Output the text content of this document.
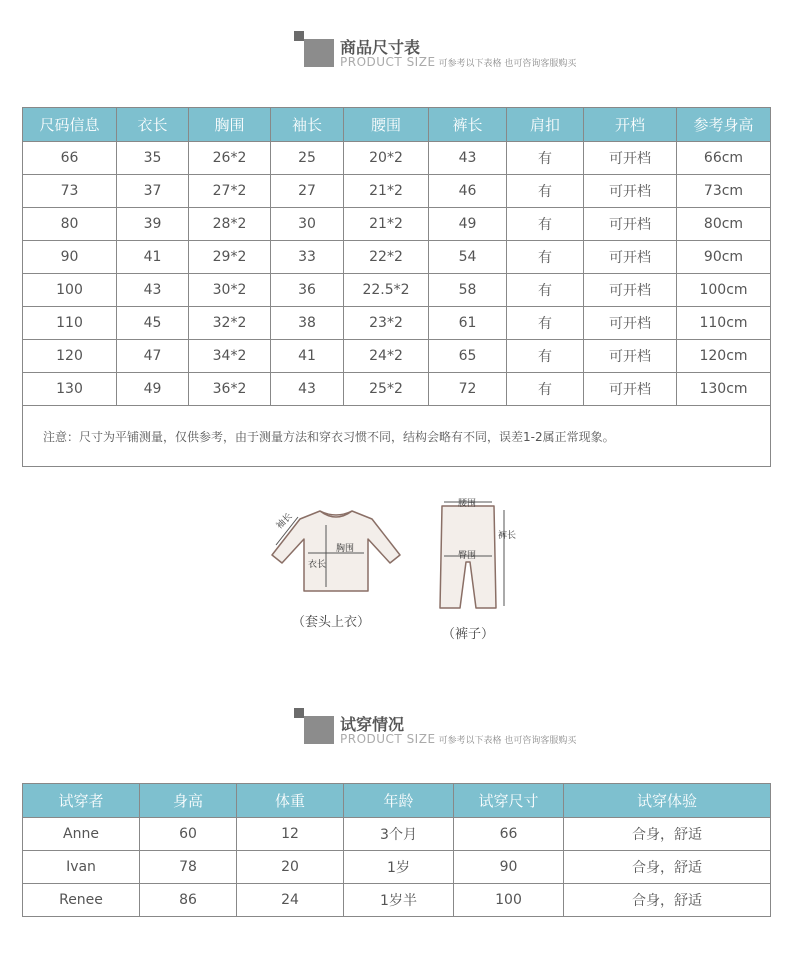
商品尺寸表
PRODUCT SIZE 可参考以下表格 也可咨询客服购买
尺码信息	衣长	胸围	袖长	腰围	裤长	肩扣	开档	参考身高
66	35	26*2	25	20*2	43	有	可开档	66cm
73	37	27*2	27	21*2	46	有	可开档	73cm
80	39	28*2	30	21*2	49	有	可开档	80cm
90	41	29*2	33	22*2	54	有	可开档	90cm
100	43	30*2	36	22.5*2	58	有	可开档	100cm
110	45	32*2	38	23*2	61	有	可开档	110cm
120	47	34*2	41	24*2	65	有	可开档	120cm
130	49	36*2	43	25*2	72	有	可开档	130cm
注意：尺寸为平铺测量，仅供参考，由于测量方法和穿衣习惯不同，结构会略有不同，误差1-2属正常现象。								
袖长
胸围
衣长
（套头上衣）
腰围
臀围
裤长
（裤子）
试穿情况
PRODUCT SIZE 可参考以下表格 也可咨询客服购买
试穿者	身高	体重	年龄	试穿尺寸	试穿体验
Anne	60	12	3个月	66	合身，舒适
Ivan	78	20	1岁	90	合身，舒适
Renee	86	24	1岁半	100	合身，舒适
